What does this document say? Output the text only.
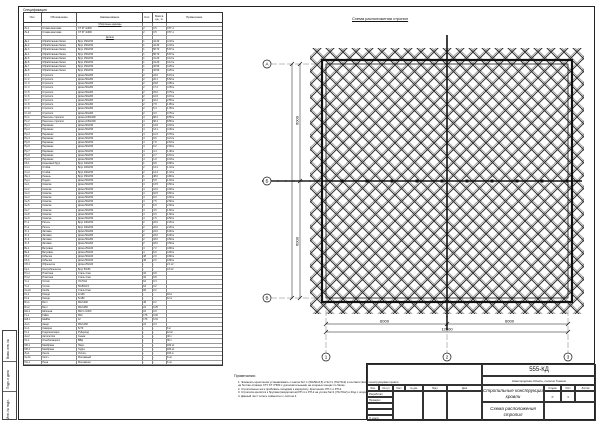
Инв. № подл.
Подп. и дата
Взам. инв. №
Спецификация
Поз.	Обозначение	Наименование	Кол.	Масса ед., кг	Примечание
Сборочные единицы
Лк-1	Стяжка винтовая	СТ 6Т 4х600	2	0.5	СТУ-1
Лк-2	Стяжка винтовая	СТ 6Т 4х600	2	0.5	СТУ-1
Детали
Дк-1	Обработанная балка	Брус 150х150	1	44.30	4.43 м
Дк-2	Обработанная балка	Брус 150х150	1	44.30	4.43 м
Дк-3	Обработанная балка	Брус 150х150	1	58.70	5.87 м
Дк-4	Обработанная балка	Брус 150х150	1	58.70	5.87 м
Дк-5	Обработанная балка	Брус 150х150	1	31.20	3.12 м
Дк-6	Обработанная балка	Брус 150х150	1	31.20	3.12 м
Дк-7	Обработанная балка	Брус 150х150	1	32.50	3.25 м
Дк-8	Обработанная балка	Брус 150х150	1	32.50	3.25 м
Ст-1	Стропило	Доска 50х200	2	24.6	6.15 м
Ст-2	Стропило	Доска 50х200	2	22.1	5.52 м
Ст-3	Стропило	Доска 50х200	2	19.8	4.95 м
Ст-4	Стропило	Доска 50х200	2	17.4	4.35 м
Ст-5	Стропило	Доска 50х200	2	15.0	3.75 м
Ст-6	Стропило	Доска 50х200	2	12.6	3.15 м
Ст-7	Стропило	Доска 50х200	2	10.2	2.55 м
Ст-8	Стропило	Доска 50х200	2	7.8	1.95 м
Ст-9	Стропило	Доска 50х200	2	5.4	1.35 м
Ст-10	Стропило	Доска 50х200	2	3.0	0.75 м
Нс-1	Накосное стропило	Доска 2х50х200	4	68.4	8.55 м
Нс-2	Накосное стропило	Доска 2х50х200	4	68.4	8.55 м
Нр-1	Нарожник	Доска 50х150	4	14.8	4.93 м
Нр-2	Нарожник	Доска 50х150	4	13.1	4.36 м
Нр-3	Нарожник	Доска 50х150	4	11.3	3.78 м
Нр-4	Нарожник	Доска 50х150	4	9.6	3.21 м
Нр-5	Нарожник	Доска 50х150	4	7.9	2.63 м
Нр-6	Нарожник	Доска 50х150	4	6.2	2.06 м
Нр-7	Нарожник	Доска 50х150	4	4.4	1.48 м
Нр-8	Нарожник	Доска 50х150	4	2.7	0.91 м
Нр-9	Нарожник	Доска 50х150	4	1.0	0.33 м
Кб-1	Коньковый брус	Брус 100х150	1	9.8	0.98 м
Сп-1	Стойка	Брус 100х150	2	14.4	1.44 м
Сп-2	Стойка	Брус 100х150	2	14.4	1.44 м
Лж-1	Лежень	Брус 150х150	1	48.0	4.80 м
Пд-1	Подкос	Доска 50х150	4	5.8	1.94 м
Ск-1	Схватка	Доска 50х150	4	13.5	4.50 м
Ск-2	Схватка	Доска 50х150	4	12.0	4.00 м
Ск-3	Схватка	Доска 50х150	4	10.5	3.50 м
Ск-4	Схватка	Доска 50х150	4	9.0	3.00 м
Ск-5	Схватка	Доска 50х150	4	7.5	2.50 м
Ск-6	Схватка	Доска 50х150	4	6.0	2.00 м
Ск-7	Схватка	Доска 50х150	4	4.5	1.50 м
Ск-8	Схватка	Доска 50х150	4	3.0	1.00 м
Ск-9	Схватка	Доска 50х150	4	1.5	0.50 м
Рг-1	Ригель	Брус 100х150	2	22.0	2.20 м
Рг-2	Ригель	Брус 100х150	2	22.0	2.20 м
Зт-1	Затяжка	Доска 50х200	2	24.0	6.00 м
Зт-2	Затяжка	Доска 50х200	2	24.0	6.00 м
Зт-3	Затяжка	Доска 50х200	2	18.0	4.50 м
Зт-4	Затяжка	Доска 50х200	2	18.0	4.50 м
Вк-1	Ветровая	Доска 25х100	4	7.2	4.80 м
Вк-2	Ветровая	Доска 25х100	4	6.0	4.00 м
Кб-2	Кобылка	Доска 50х100	48	2.0	0.80 м
Кб-3	Кобылка	Доска 50х100	48	2.0	0.80 м
Об-1	Обрешетка	Доска 25х100	-	-	2.1 м³
Кр-1	Контробрешетка	Брус 50х50	-	-	0.6 м³
Пл-1	Пластина	Сталь 4 мм	32	0.8
Пл-2	Пластина	Сталь 4 мм	32	0.8
Уг-1	Уголок	70х70х2	64	0.3
Уг-2	Уголок	50х50х2,5	64	0.2
Ск-10	Скоба	Сталь 8 мм	96	0.2
Гв-1	Гвозди	4х100	-	-	18 кг
Гв-2	Гвозди	5х150	-	-	12 кг
Бл-1	Болт	М12х200	48	0.2
Бл-2	Болт	М12х250	24	0.25
Шп-1	Шпилька	М12 L=1000	16	0.9
Гк-1	Гайка	М12	176	0.02
Шб-1	Шайба	12	176	0.01
Ан-1	Анкер	М12х160	24	0.3
Сз-1	Саморез	5х70	-	-	6 кг
Ги-1	Гидроизоляция	Рубероид	-	-	12 м²
Ан-2	Антисептик	Сенеж	-	-	40 л
Ог-1	Огнебиозащита	ВВД	-	-	30 л
Мб-1	Мембрана	Паро-	-	-	180 м²
Мб-2	Мембрана	Гидро-	-	-	180 м²
Лн-1	Лента	Уплотн.	-	-	160 м
Ск-11	Скотч	Монтажный	-	-	8 шт
Пм-1	Пена	Монтажная	-	-	6 шт
Схема расположения стропил
А
Б
В
1	2	3
6000	6000
12000
6000
6000
Примечания:
1. Элементы крепления устанавливать с шагом Sк= 1 (50х50х2,5) и Sп=1 (70х70х2) в соответствии с конструкциями кровли
на болтах-стяжках СТУ 6Т 4*600 с дополнительными на опорных концах по балке.
2. Стропильные ноги прибивать гвоздями к мауэрлату. Крепления: РП-1 и РП-2.
3. Стропила крепятся к брускам (мауэрлатом) РП-1 и РП-2 на уголки Sк=1 (70х70х2) и 4Gд с опорах.
4. Данный лист читать совместно с листом 4.
555-КД
Нижегородская область, поселок Тонкино
Стропильные конструкции кровли
Схема расположения стропил
Стадия	Лист	Листов
Р	3
Изм.	Кол.уч	Лист	№ док.	Подп.	Дата
Разработал
Проверил
Н. контр.
